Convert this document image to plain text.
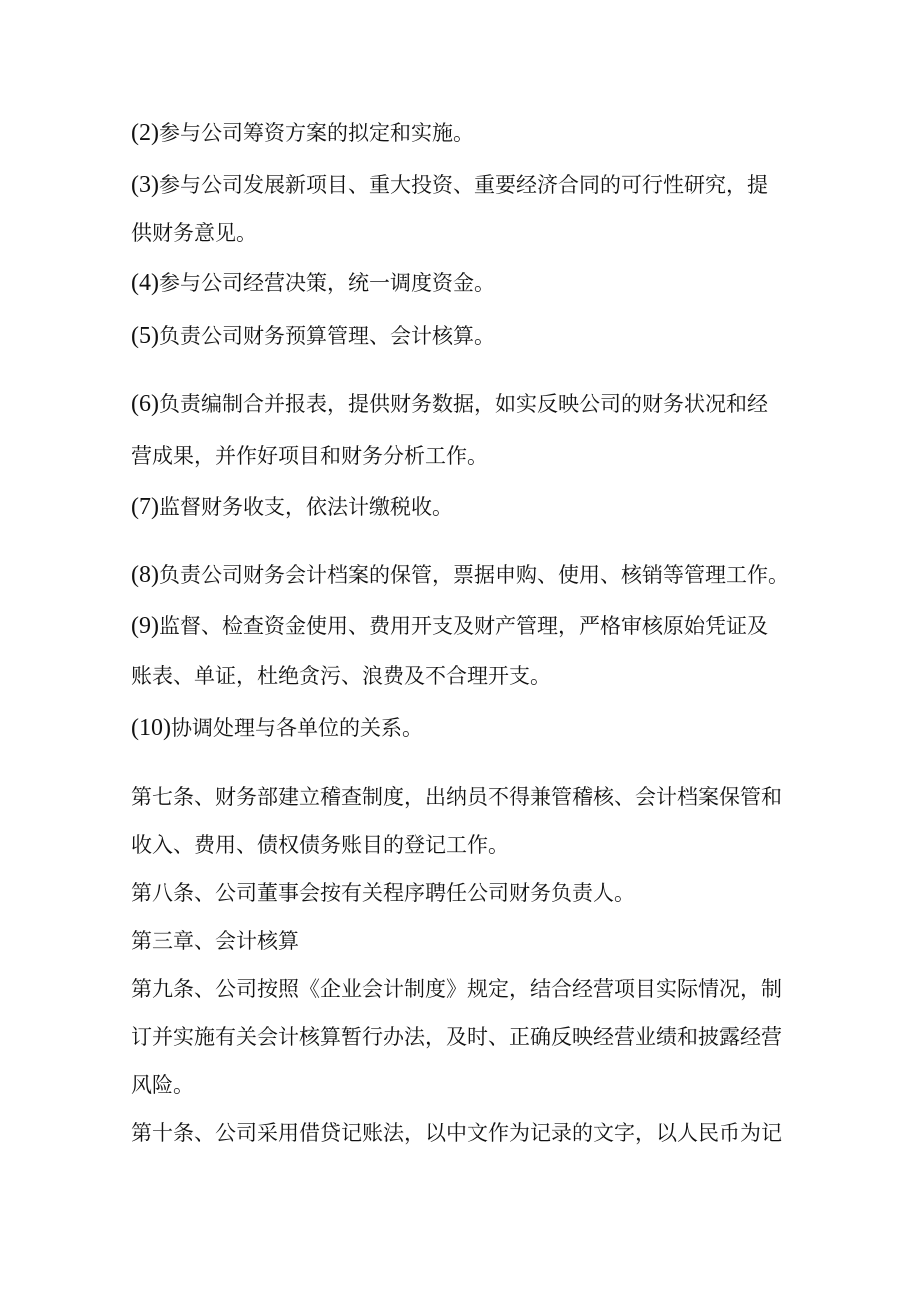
(2)参与公司筹资方案的拟定和实施。
(3)参与公司发展新项目、重大投资、重要经济合同的可行性研究，提
供财务意见。
(4)参与公司经营决策，统一调度资金。
(5)负责公司财务预算管理、会计核算。
(6)负责编制合并报表，提供财务数据，如实反映公司的财务状况和经
营成果，并作好项目和财务分析工作。
(7)监督财务收支，依法计缴税收。
(8)负责公司财务会计档案的保管，票据申购、使用、核销等管理工作。
(9)监督、检查资金使用、费用开支及财产管理，严格审核原始凭证及
账表、单证，杜绝贪污、浪费及不合理开支。
(10)协调处理与各单位的关系。
第七条、财务部建立稽查制度，出纳员不得兼管稽核、会计档案保管和
收入、费用、债权债务账目的登记工作。
第八条、公司董事会按有关程序聘任公司财务负责人。
第三章、会计核算
第九条、公司按照《企业会计制度》规定，结合经营项目实际情况，制
订并实施有关会计核算暂行办法，及时、正确反映经营业绩和披露经营
风险。
第十条、公司采用借贷记账法，以中文作为记录的文字，以人民币为记
